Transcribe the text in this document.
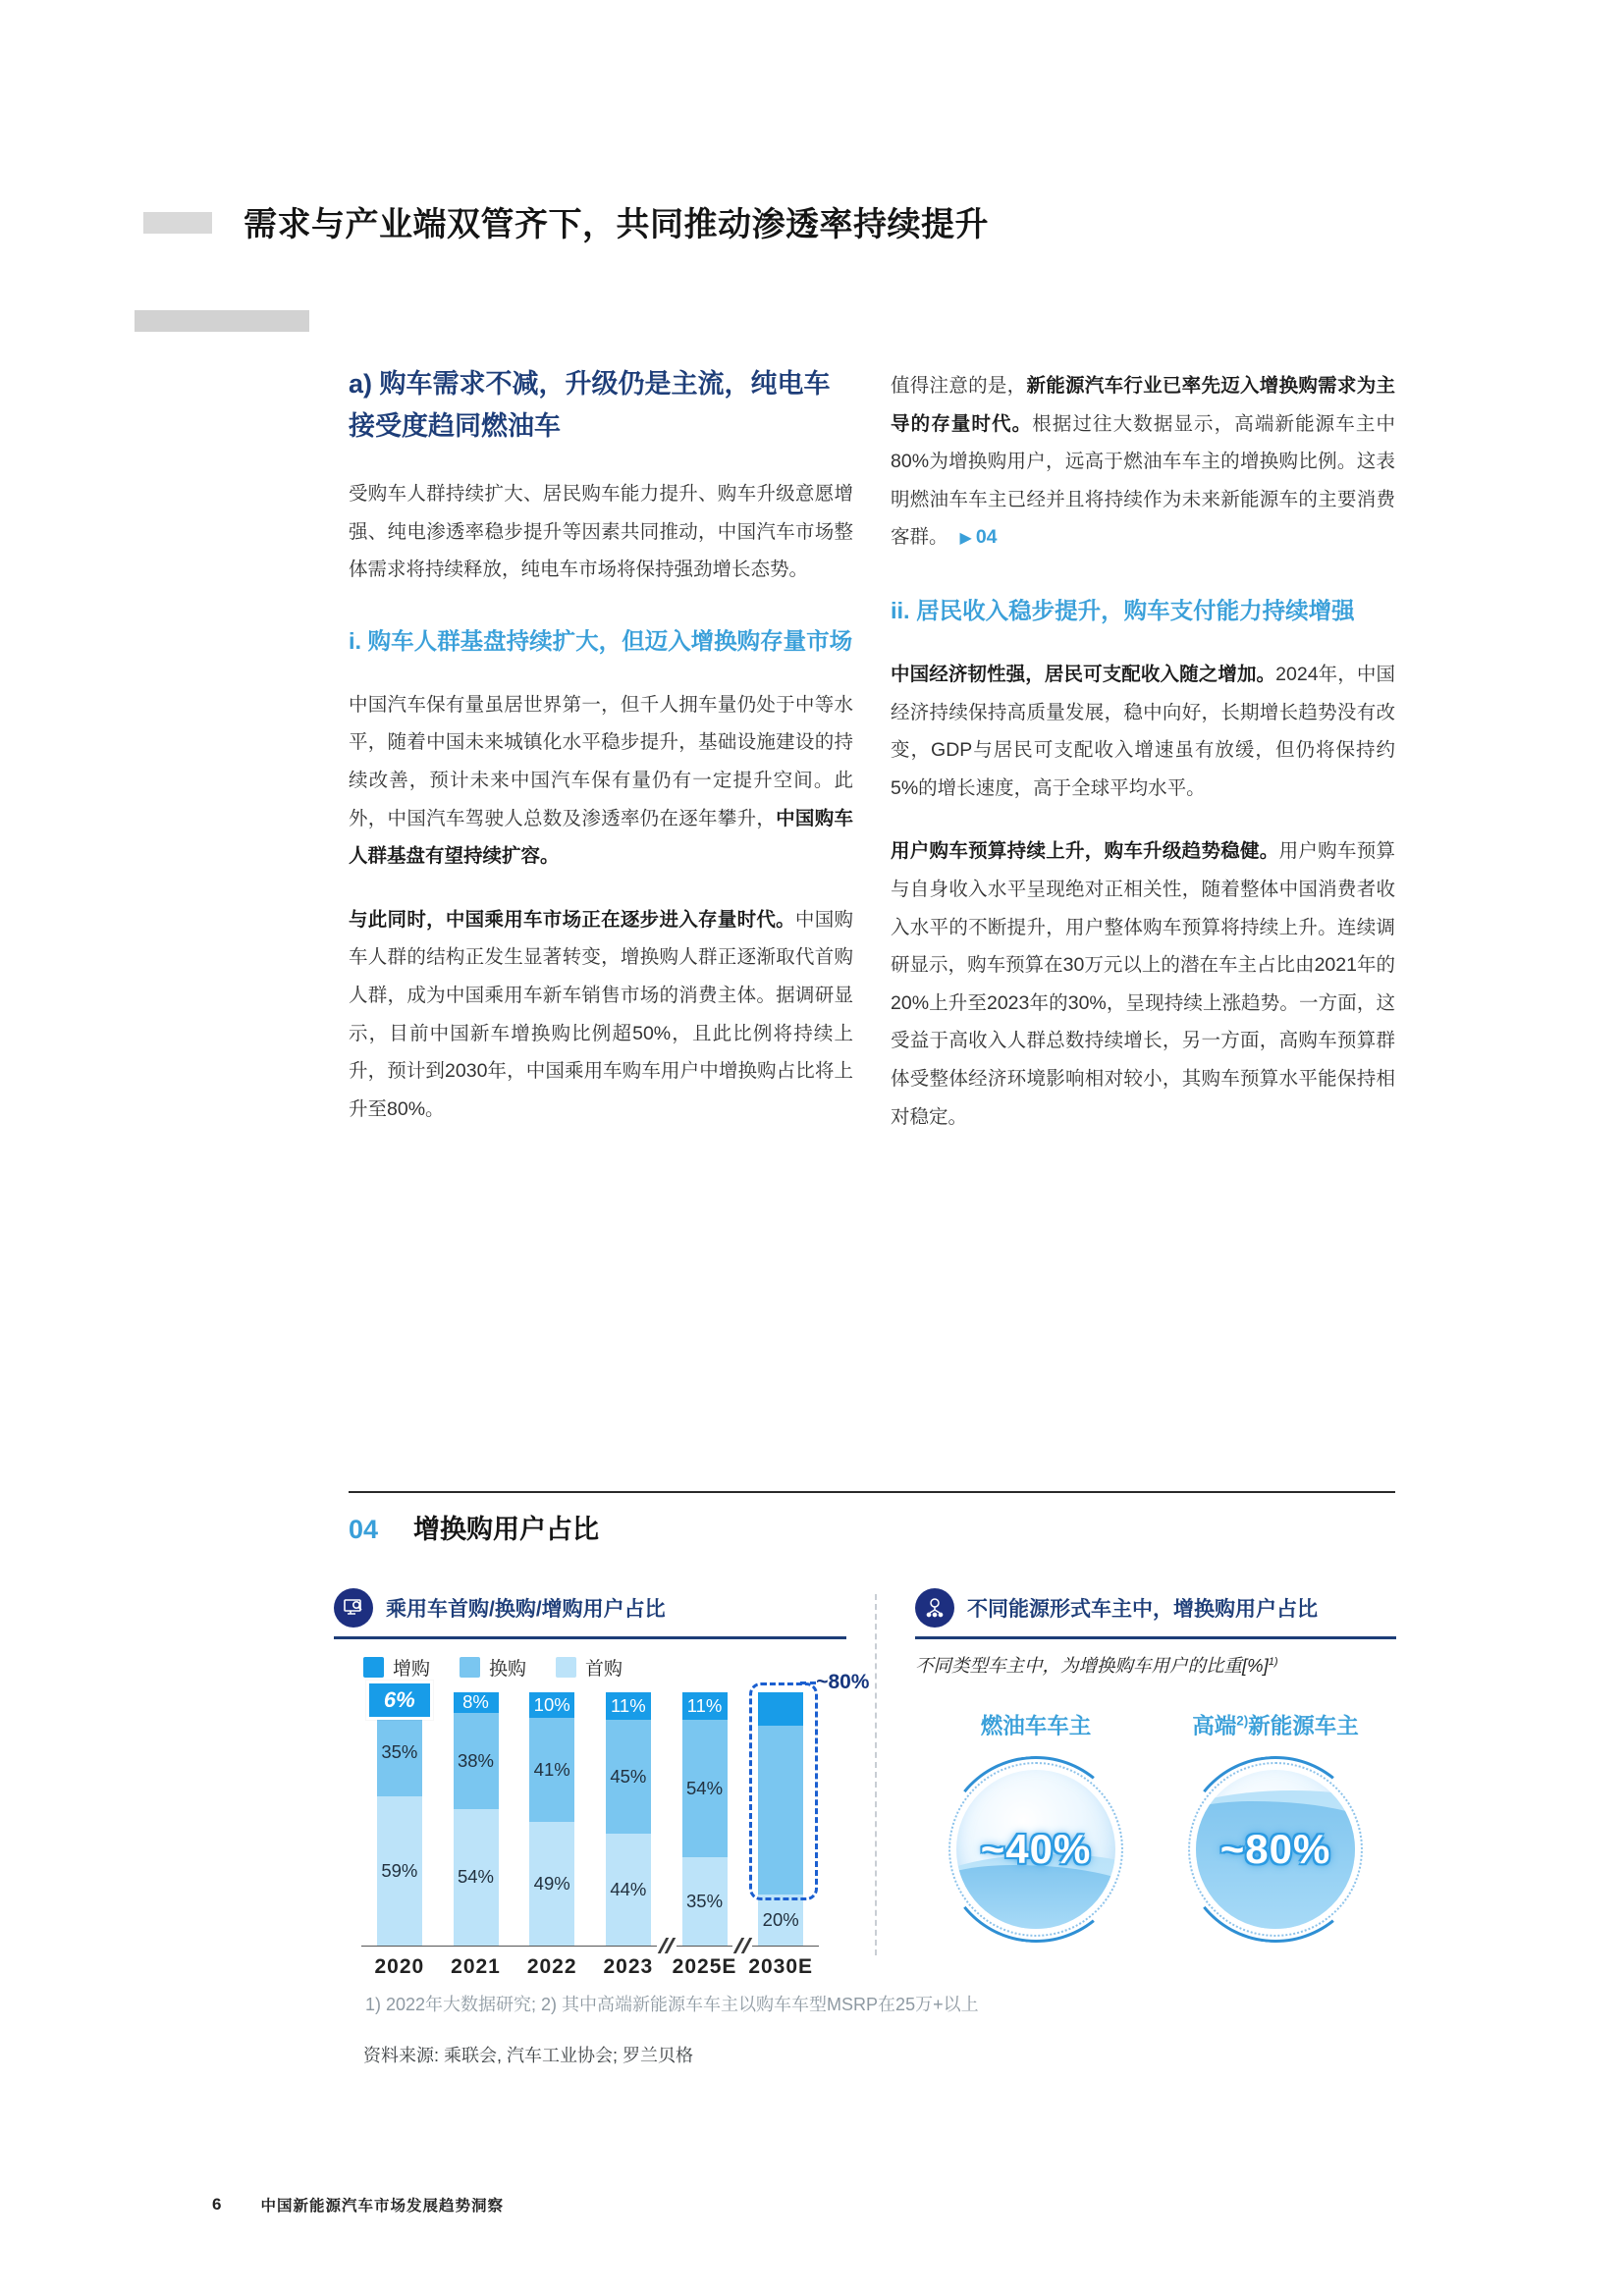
需求与产业端双管齐下，共同推动渗透率持续提升
a) 购车需求不减，升级仍是主流，纯电车接受度趋同燃油车

受购车人群持续扩大、居民购车能力提升、购车升级意愿增强、纯电渗透率稳步提升等因素共同推动，中国汽车市场整体需求将持续释放，纯电车市场将保持强劲增长态势。

i. 购车人群基盘持续扩大，但迈入增换购存量市场

中国汽车保有量虽居世界第一，但千人拥车量仍处于中等水平，随着中国未来城镇化水平稳步提升，基础设施建设的持续改善，预计未来中国汽车保有量仍有一定提升空间。此外，中国汽车驾驶人总数及渗透率仍在逐年攀升，中国购车人群基盘有望持续扩容。

与此同时，中国乘用车市场正在逐步进入存量时代。中国购车人群的结构正发生显著转变，增换购人群正逐渐取代首购人群，成为中国乘用车新车销售市场的消费主体。据调研显示，目前中国新车增换购比例超50%，且此比例将持续上升，预计到2030年，中国乘用车购车用户中增换购占比将上升至80%。

值得注意的是，新能源汽车行业已率先迈入增换购需求为主导的存量时代。根据过往大数据显示，高端新能源车主中80%为增换购用户，远高于燃油车车主的增换购比例。这表明燃油车车主已经并且将持续作为未来新能源车的主要消费客群。 ▶ 04

ii. 居民收入稳步提升，购车支付能力持续增强

中国经济韧性强，居民可支配收入随之增加。2024年，中国经济持续保持高质量发展，稳中向好，长期增长趋势没有改变，GDP与居民可支配收入增速虽有放缓，但仍将保持约5%的增长速度，高于全球平均水平。

用户购车预算持续上升，购车升级趋势稳健。用户购车预算与自身收入水平呈现绝对正相关性，随着整体中国消费者收入水平的不断提升，用户整体购车预算将持续上升。连续调研显示，购车预算在30万元以上的潜在车主占比由2021年的20%上升至2023年的30%，呈现持续上涨趋势。一方面，这受益于高收入人群总数持续增长，另一方面，高购车预算群体受整体经济环境影响相对较小，其购车预算水平能保持相对稳定。

04 增换购用户占比
乘用车首购/换购/增购用户占比
增购	换购	首购
6%
35%
59%
8%
38%
54%
10%
41%
49%
11%
45%
44%
11%
54%
35%
20%
~80%
2020	2021	2022	2023 2025E 2030E
不同能源形式车主中，增换购用户占比
不同类型车主中，为增换购车用户的比重[%]$^{1)}$
燃油车车主
~40%
高端$^{2)}$新能源车主
~80%
1) 2022年大数据研究; 2) 其中高端新能源车车主以购车车型MSRP在25万+以上
资料来源: 乘联会, 汽车工业协会; 罗兰贝格
6	中国新能源汽车市场发展趋势洞察
